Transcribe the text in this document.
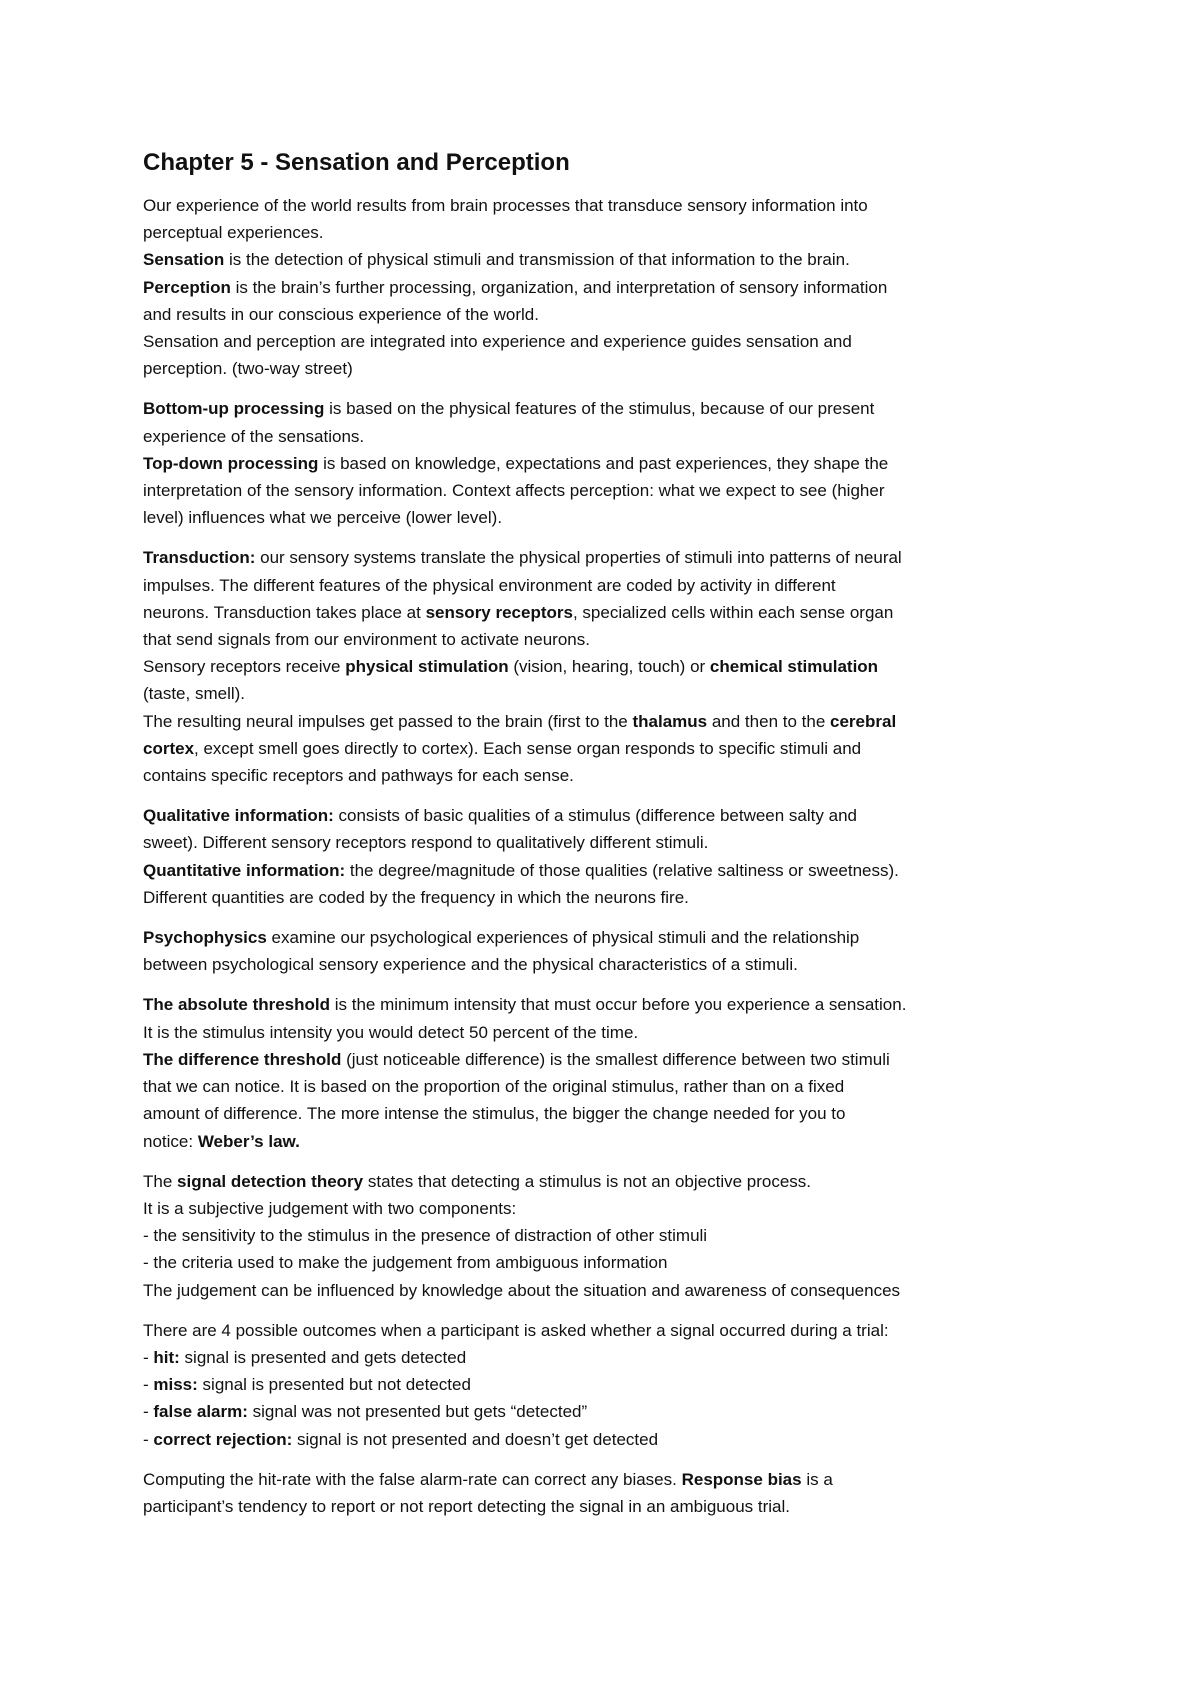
Chapter 5 - Sensation and Perception
Our experience of the world results from brain processes that transduce sensory information into
perceptual experiences.
Sensation is the detection of physical stimuli and transmission of that information to the brain.
Perception is the brain’s further processing, organization, and interpretation of sensory information
and results in our conscious experience of the world.
Sensation and perception are integrated into experience and experience guides sensation and
perception. (two-way street)
Bottom-up processing is based on the physical features of the stimulus, because of our present
experience of the sensations.
Top-down processing is based on knowledge, expectations and past experiences, they shape the
interpretation of the sensory information. Context affects perception: what we expect to see (higher
level) influences what we perceive (lower level).
Transduction: our sensory systems translate the physical properties of stimuli into patterns of neural
impulses. The different features of the physical environment are coded by activity in different
neurons. Transduction takes place at sensory receptors, specialized cells within each sense organ
that send signals from our environment to activate neurons.
Sensory receptors receive physical stimulation (vision, hearing, touch) or chemical stimulation
(taste, smell).
The resulting neural impulses get passed to the brain (first to the thalamus and then to the cerebral
cortex, except smell goes directly to cortex). Each sense organ responds to specific stimuli and
contains specific receptors and pathways for each sense.
Qualitative information: consists of basic qualities of a stimulus (difference between salty and
sweet). Different sensory receptors respond to qualitatively different stimuli.
Quantitative information: the degree/magnitude of those qualities (relative saltiness or sweetness).
Different quantities are coded by the frequency in which the neurons fire.
Psychophysics examine our psychological experiences of physical stimuli and the relationship
between psychological sensory experience and the physical characteristics of a stimuli.
The absolute threshold is the minimum intensity that must occur before you experience a sensation.
It is the stimulus intensity you would detect 50 percent of the time.
The difference threshold (just noticeable difference) is the smallest difference between two stimuli
that we can notice. It is based on the proportion of the original stimulus, rather than on a fixed
amount of difference. The more intense the stimulus, the bigger the change needed for you to
notice: Weber’s law.
The signal detection theory states that detecting a stimulus is not an objective process.
It is a subjective judgement with two components:
- the sensitivity to the stimulus in the presence of distraction of other stimuli
- the criteria used to make the judgement from ambiguous information
The judgement can be influenced by knowledge about the situation and awareness of consequences
There are 4 possible outcomes when a participant is asked whether a signal occurred during a trial:
- hit: signal is presented and gets detected
- miss: signal is presented but not detected
- false alarm: signal was not presented but gets “detected”
- correct rejection: signal is not presented and doesn’t get detected
Computing the hit-rate with the false alarm-rate can correct any biases. Response bias is a
participant’s tendency to report or not report detecting the signal in an ambiguous trial.
